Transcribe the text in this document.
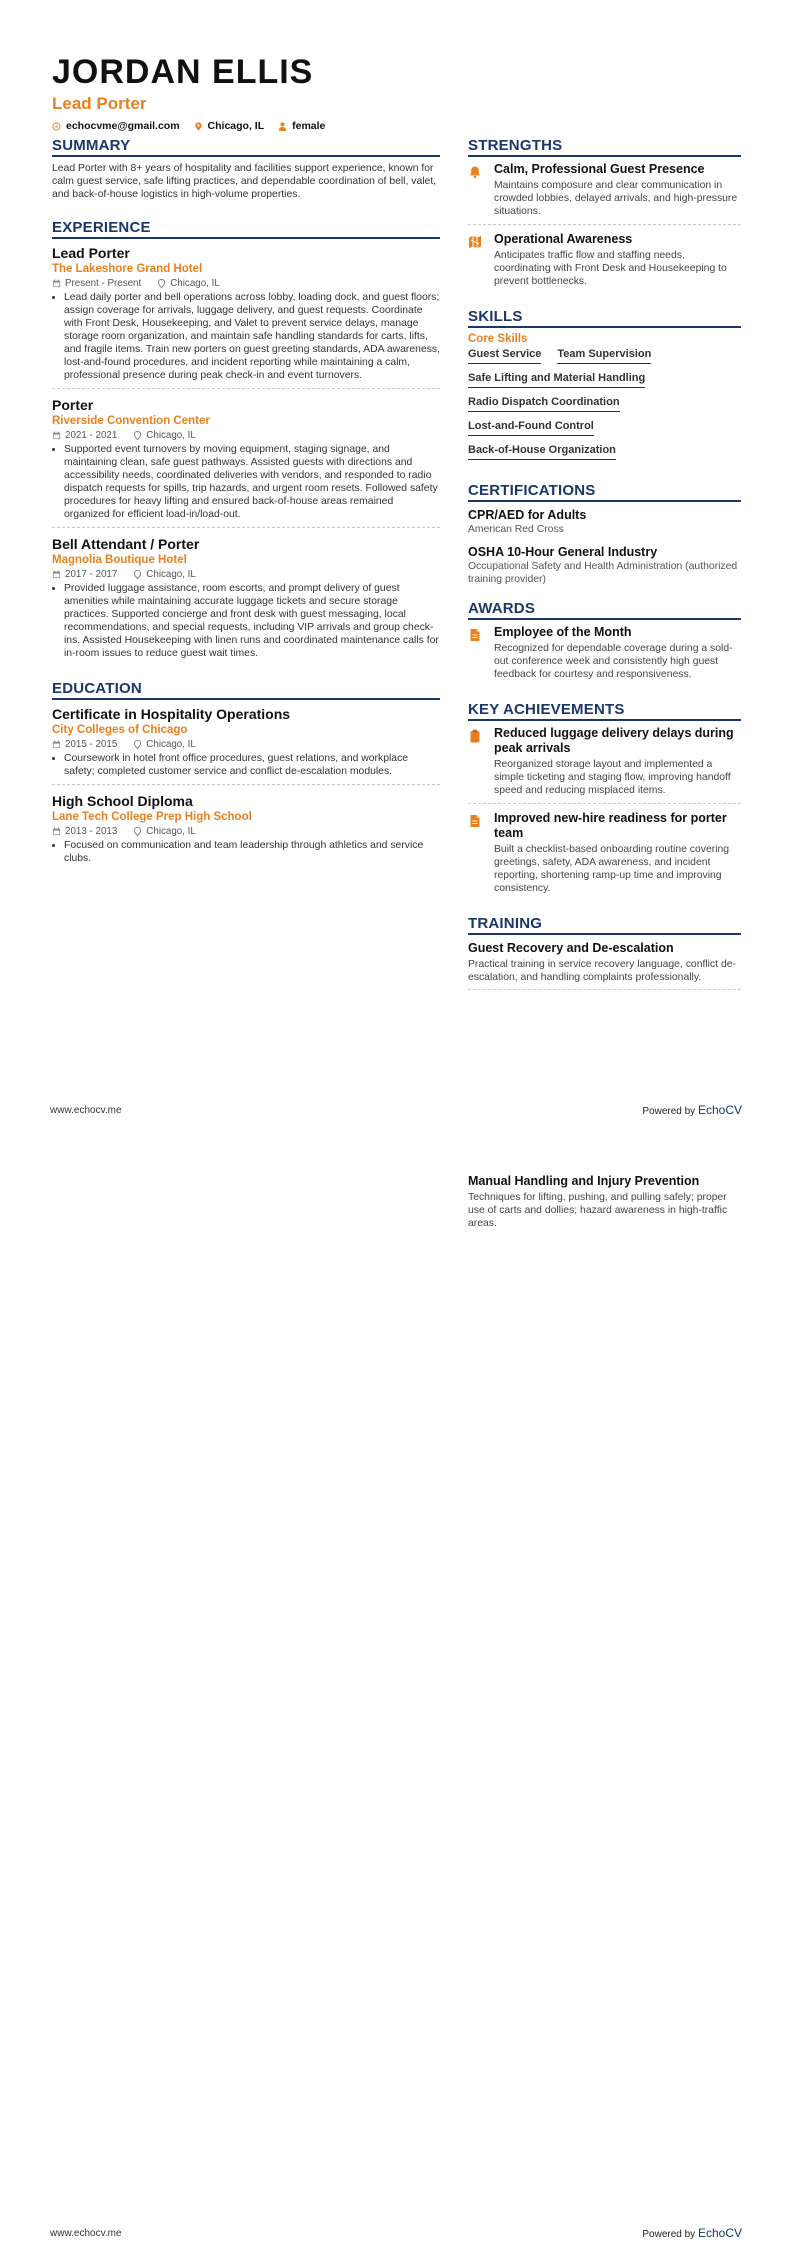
JORDAN ELLIS
Lead Porter
echocvme@gmail.com	Chicago, IL	female
SUMMARY

Lead Porter with 8+ years of hospitality and facilities support experience, known for calm guest service, safe lifting practices, and dependable coordination of bell, valet, and back-of-house logistics in high-volume properties.

EXPERIENCE
Lead Porter
The Lakeshore Grand Hotel
Present - Present	Chicago, IL
• Lead daily porter and bell operations across lobby, loading dock, and guest floors; assign coverage for arrivals, luggage delivery, and guest requests. Coordinate with Front Desk, Housekeeping, and Valet to prevent service delays, manage storage room organization, and maintain safe handling standards for carts, lifts, and fragile items. Train new porters on guest greeting standards, ADA awareness, lost-and-found procedures, and incident reporting while maintaining a calm, professional presence during peak check-in and event turnovers.
Porter
Riverside Convention Center
2021 - 2021	Chicago, IL
• Supported event turnovers by moving equipment, staging signage, and maintaining clean, safe guest pathways. Assisted guests with directions and accessibility needs, coordinated deliveries with vendors, and responded to radio dispatch requests for spills, trip hazards, and urgent room resets. Followed safety procedures for heavy lifting and ensured back-of-house areas remained organized for efficient load-in/load-out.
Bell Attendant / Porter
Magnolia Boutique Hotel
2017 - 2017	Chicago, IL
• Provided luggage assistance, room escorts, and prompt delivery of guest amenities while maintaining accurate luggage tickets and secure storage practices. Supported concierge and front desk with guest messaging, local recommendations, and special requests, including VIP arrivals and group check-ins. Assisted Housekeeping with linen runs and coordinated maintenance calls for in-room issues to reduce guest wait times.
EDUCATION
Certificate in Hospitality Operations
City Colleges of Chicago
2015 - 2015	Chicago, IL
• Coursework in hotel front office procedures, guest relations, and workplace safety; completed customer service and conflict de-escalation modules.
High School Diploma
Lane Tech College Prep High School
2013 - 2013	Chicago, IL
• Focused on communication and team leadership through athletics and service clubs.
STRENGTHS
Calm, Professional Guest Presence
Maintains composure and clear communication in crowded lobbies, delayed arrivals, and high-pressure situations.
Operational Awareness
Anticipates traffic flow and staffing needs, coordinating with Front Desk and Housekeeping to prevent bottlenecks.
SKILLS
Core Skills
Guest Service Team Supervision
Safe Lifting and Material Handling
Radio Dispatch Coordination
Lost-and-Found Control
Back-of-House Organization
CERTIFICATIONS
CPR/AED for Adults
American Red Cross
OSHA 10-Hour General Industry
Occupational Safety and Health Administration (authorized training provider)
AWARDS
Employee of the Month
Recognized for dependable coverage during a sold-out conference week and consistently high guest feedback for courtesy and responsiveness.
KEY ACHIEVEMENTS
Reduced luggage delivery delays during peak arrivals
Reorganized storage layout and implemented a simple ticketing and staging flow, improving handoff speed and reducing misplaced items.
Improved new-hire readiness for porter team
Built a checklist-based onboarding routine covering greetings, safety, ADA awareness, and incident reporting, shortening ramp-up time and improving consistency.
TRAINING
Guest Recovery and De-escalation
Practical training in service recovery language, conflict de-escalation, and handling complaints professionally.
www.echocv.me	Powered by EchoCV
Manual Handling and Injury Prevention
Techniques for lifting, pushing, and pulling safely; proper use of carts and dollies; hazard awareness in high-traffic areas.
www.echocv.me	Powered by EchoCV
